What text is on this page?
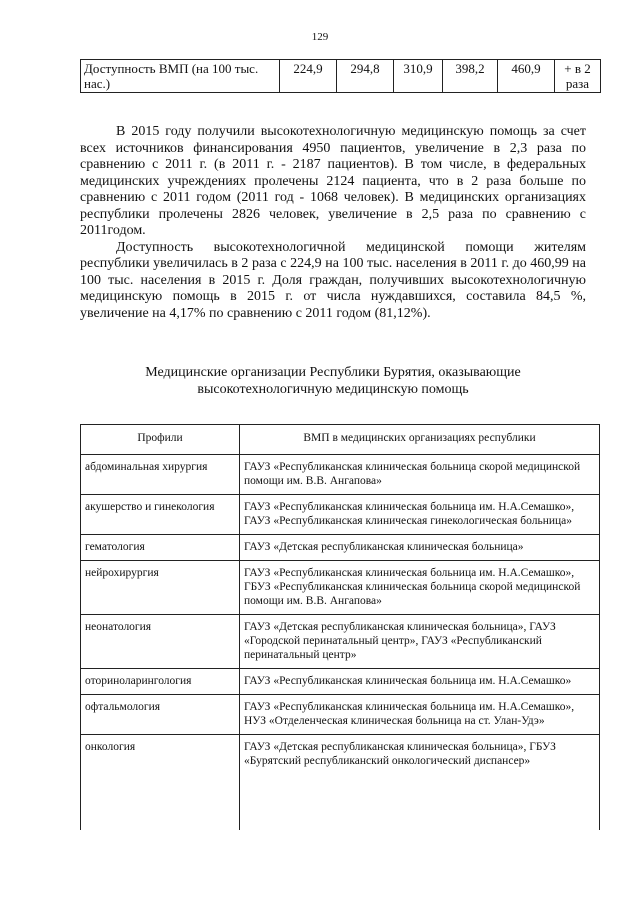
129
Доступность ВМП (на 100 тыс. нас.)	224,9	294,8	310,9	398,2	460,9	+ в 2 раза

В 2015 году получили высокотехнологичную медицинскую помощь за счет всех источников финансирования 4950 пациентов, увеличение в 2,3 раза по сравнению с 2011 г. (в 2011 г. - 2187 пациентов). В том числе, в федеральных медицинских учреждениях пролечены 2124 пациента, что в 2 раза больше по сравнению с 2011 годом (2011 год - 1068 человек). В медицинских организациях республики пролечены 2826 человек, увеличение в 2,5 раза по сравнению с 2011годом.

Доступность высокотехнологичной медицинской помощи жителям республики увеличилась в 2 раза с 224,9 на 100 тыс. населения в 2011 г. до 460,99 на 100 тыс. населения в 2015 г. Доля граждан, получивших высокотехнологичную медицинскую помощь в 2015 г. от числа нуждавшихся, составила 84,5 %, увеличение на 4,17% по сравнению с 2011 годом (81,12%).

Медицинские организации Республики Бурятия, оказывающие
высокотехнологичную медицинскую помощь
Профили	ВМП в медицинских организациях республики
абдоминальная хирургия	ГАУЗ «Республиканская клиническая больница скорой медицинской помощи им. В.В. Ангапова»
акушерство и гинекология	ГАУЗ «Республиканская клиническая больница им. Н.А.Семашко», ГАУЗ «Республиканская клиническая гинекологическая больница»
гематология	ГАУЗ «Детская республиканская клиническая больница»
нейрохирургия	ГАУЗ «Республиканская клиническая больница им. Н.А.Семашко», ГБУЗ «Республиканская клиническая больница скорой медицинской помощи им. В.В. Ангапова»
неонатология	ГАУЗ «Детская республиканская клиническая больница», ГАУЗ «Городской перинатальный центр», ГАУЗ «Республиканский перинатальный центр»
оториноларингология	ГАУЗ «Республиканская клиническая больница им. Н.А.Семашко»
офтальмология	ГАУЗ «Республиканская клиническая больница им. Н.А.Семашко», НУЗ «Отделенческая клиническая больница на ст. Улан-Удэ»
онкология	ГАУЗ «Детская республиканская клиническая больница», ГБУЗ «Бурятский республиканский онкологический диспансер»
